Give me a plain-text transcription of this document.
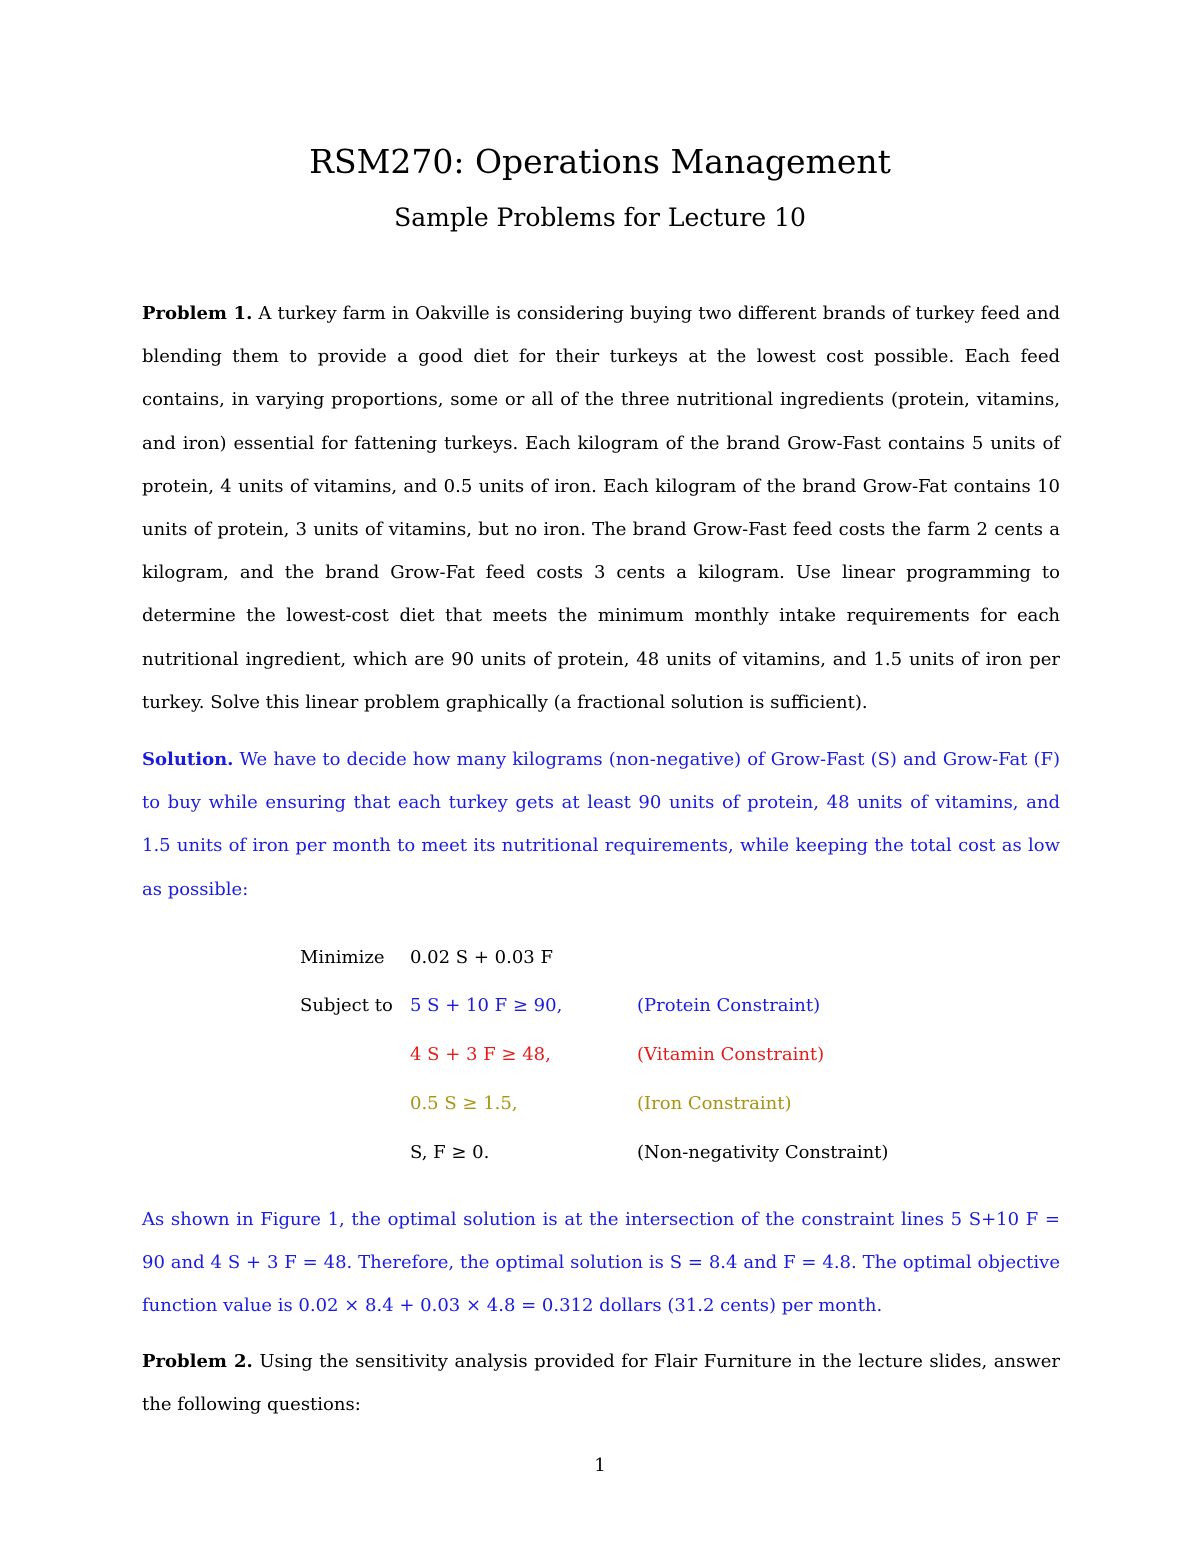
RSM270: Operations Management
Sample Problems for Lecture 10

Problem 1. A turkey farm in Oakville is considering buying two different brands of turkey feed and blending them to provide a good diet for their turkeys at the lowest cost possible. Each feed contains, in varying proportions, some or all of the three nutritional ingredients (protein, vitamins, and iron) essential for fattening turkeys. Each kilogram of the brand Grow-Fast contains 5 units of protein, 4 units of vitamins, and 0.5 units of iron. Each kilogram of the brand Grow-Fat contains 10 units of protein, 3 units of vitamins, but no iron. The brand Grow-Fast feed costs the farm 2 cents a kilogram, and the brand Grow-Fat feed costs 3 cents a kilogram. Use linear programming to determine the lowest-cost diet that meets the minimum monthly intake requirements for each nutritional ingredient, which are 90 units of protein, 48 units of vitamins, and 1.5 units of iron per turkey. Solve this linear problem graphically (a fractional solution is sufficient).

Solution. We have to decide how many kilograms (non-negative) of Grow-Fast (S) and Grow-Fat (F) to buy while ensuring that each turkey gets at least 90 units of protein, 48 units of vitamins, and 1.5 units of iron per month to meet its nutritional requirements, while keeping the total cost as low as possible:

Minimize 0.02 S + 0.03 F
Subject to 5 S + 10 F ≥ 90,	(Protein Constraint)
4 S + 3 F ≥ 48,	(Vitamin Constraint)
0.5 S ≥ 1.5,	(Iron Constraint)
S, F ≥ 0.	(Non-negativity Constraint)

As shown in Figure 1, the optimal solution is at the intersection of the constraint lines 5 S+10 F = 90 and 4 S + 3 F = 48. Therefore, the optimal solution is S = 8.4 and F = 4.8. The optimal objective function value is 0.02 × 8.4 + 0.03 × 4.8 = 0.312 dollars (31.2 cents) per month.

Problem 2. Using the sensitivity analysis provided for Flair Furniture in the lecture slides, answer the following questions:

1
